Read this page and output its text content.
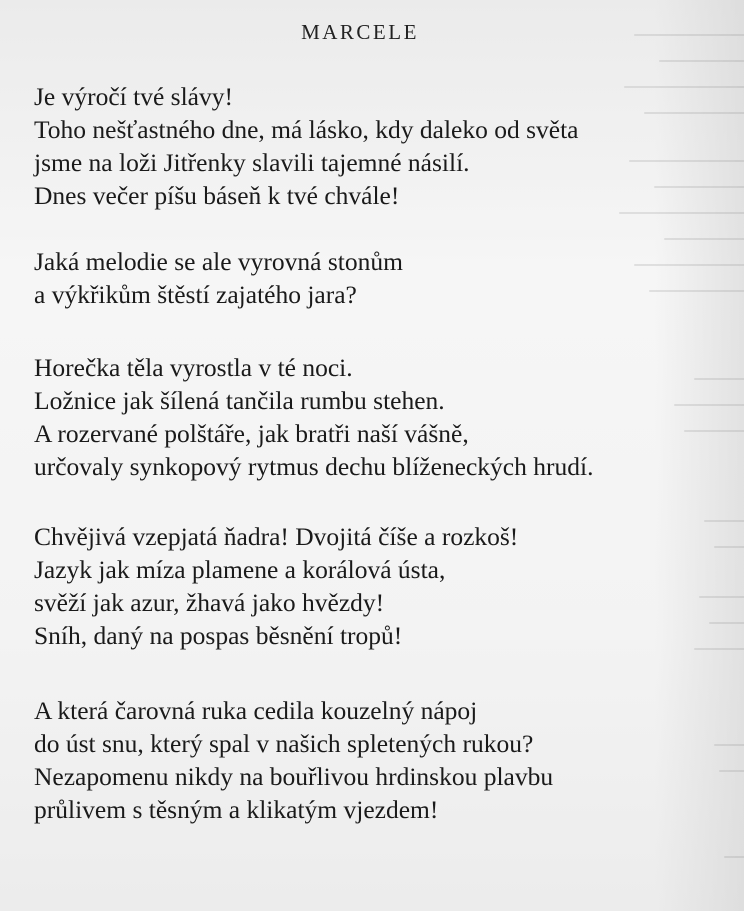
MARCELE
Je výročí tvé slávy!
Toho nešťastného dne, má lásko, kdy daleko od světa
jsme na loži Jitřenky slavili tajemné násilí.
Dnes večer píšu báseň k tvé chvále!
Jaká melodie se ale vyrovná stonům
a výkřikům štěstí zajatého jara?
Horečka těla vyrostla v té noci.
Ložnice jak šílená tančila rumbu stehen.
A rozervané polštáře, jak bratři naší vášně,
určovaly synkopový rytmus dechu blíženeckých hrudí.
Chvějivá vzepjatá ňadra! Dvojitá číše a rozkoš!
Jazyk jak míza plamene a korálová ústa,
svěží jak azur, žhavá jako hvězdy!
Sníh, daný na pospas běsnění tropů!
A která čarovná ruka cedila kouzelný nápoj
do úst snu, který spal v našich spletených rukou?
Nezapomenu nikdy na bouřlivou hrdinskou plavbu
průlivem s těsným a klikatým vjezdem!
